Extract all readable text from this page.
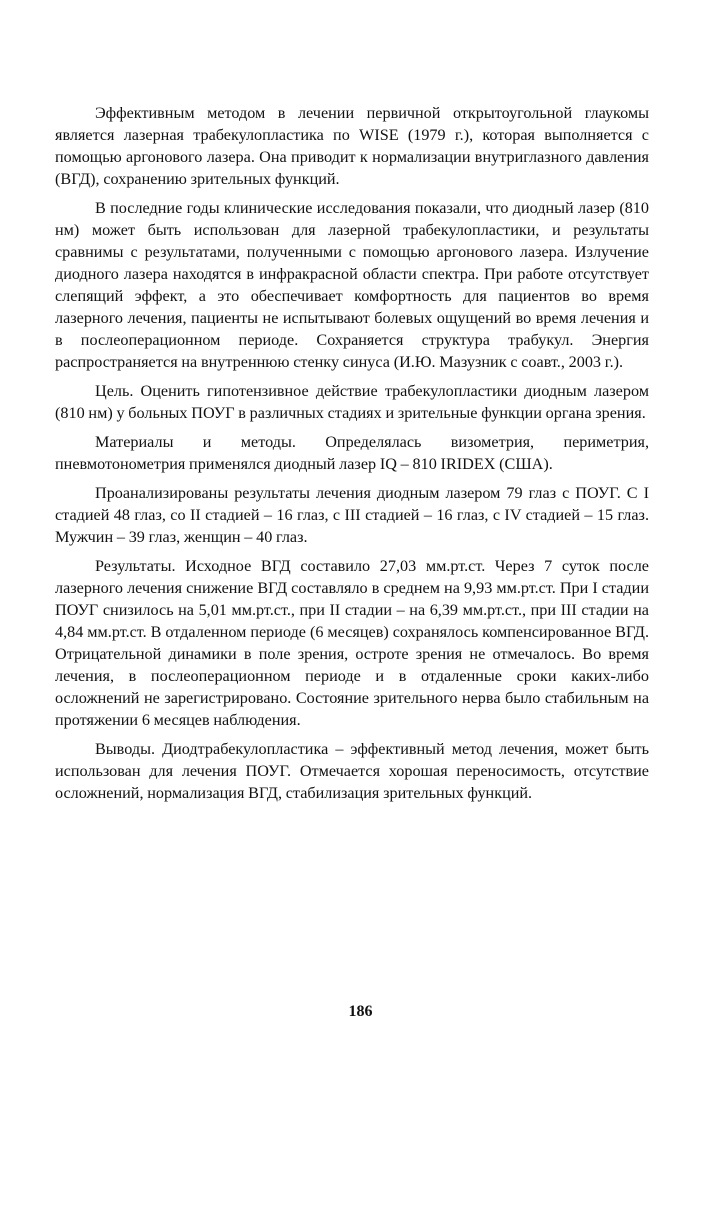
Эффективным методом в лечении первичной открытоугольной глаукомы является лазерная трабекулопластика по WISE (1979 г.), которая выполняется с помощью аргонового лазера. Она приводит к нормализации внутриглазного давления (ВГД), сохранению зрительных функций.

В последние годы клинические исследования показали, что диодный лазер (810 нм) может быть использован для лазерной трабекулопластики, и результаты сравнимы с результатами, полученными с помощью аргонового лазера. Излучение диодного лазера находятся в инфракрасной области спектра. При работе отсутствует слепящий эффект, а это обеспечивает комфортность для пациентов во время лазерного лечения, пациенты не испытывают болевых ощущений во время лечения и в послеоперационном периоде. Сохраняется структура трабукул. Энергия распространяется на внутреннюю стенку синуса (И.Ю. Мазузник с соавт., 2003 г.).

Цель. Оценить гипотензивное действие трабекулопластики диодным лазером (810 нм) у больных ПОУГ в различных стадиях и зрительные функции органа зрения.

Материалы и методы. Определялась визометрия, периметрия, пневмотонометрия применялся диодный лазер IQ – 810 IRIDEX (США).

Проанализированы результаты лечения диодным лазером 79 глаз с ПОУГ. С I стадией 48 глаз, со II стадией – 16 глаз, с III стадией – 16 глаз, с IV стадией – 15 глаз. Мужчин – 39 глаз, женщин – 40 глаз.

Результаты. Исходное ВГД составило 27,03 мм.рт.ст. Через 7 суток после лазерного лечения снижение ВГД составляло в среднем на 9,93 мм.рт.ст. При I стадии ПОУГ снизилось на 5,01 мм.рт.ст., при II стадии – на 6,39 мм.рт.ст., при III стадии на 4,84 мм.рт.ст. В отдаленном периоде (6 месяцев) сохранялось компенсированное ВГД. Отрицательной динамики в поле зрения, остроте зрения не отмечалось. Во время лечения, в послеоперационном периоде и в отдаленные сроки каких-либо осложнений не зарегистрировано. Состояние зрительного нерва было стабильным на протяжении 6 месяцев наблюдения.

Выводы. Диодтрабекулопластика – эффективный метод лечения, может быть использован для лечения ПОУГ. Отмечается хорошая переносимость, отсутствие осложнений, нормализация ВГД, стабилизация зрительных функций.

186
